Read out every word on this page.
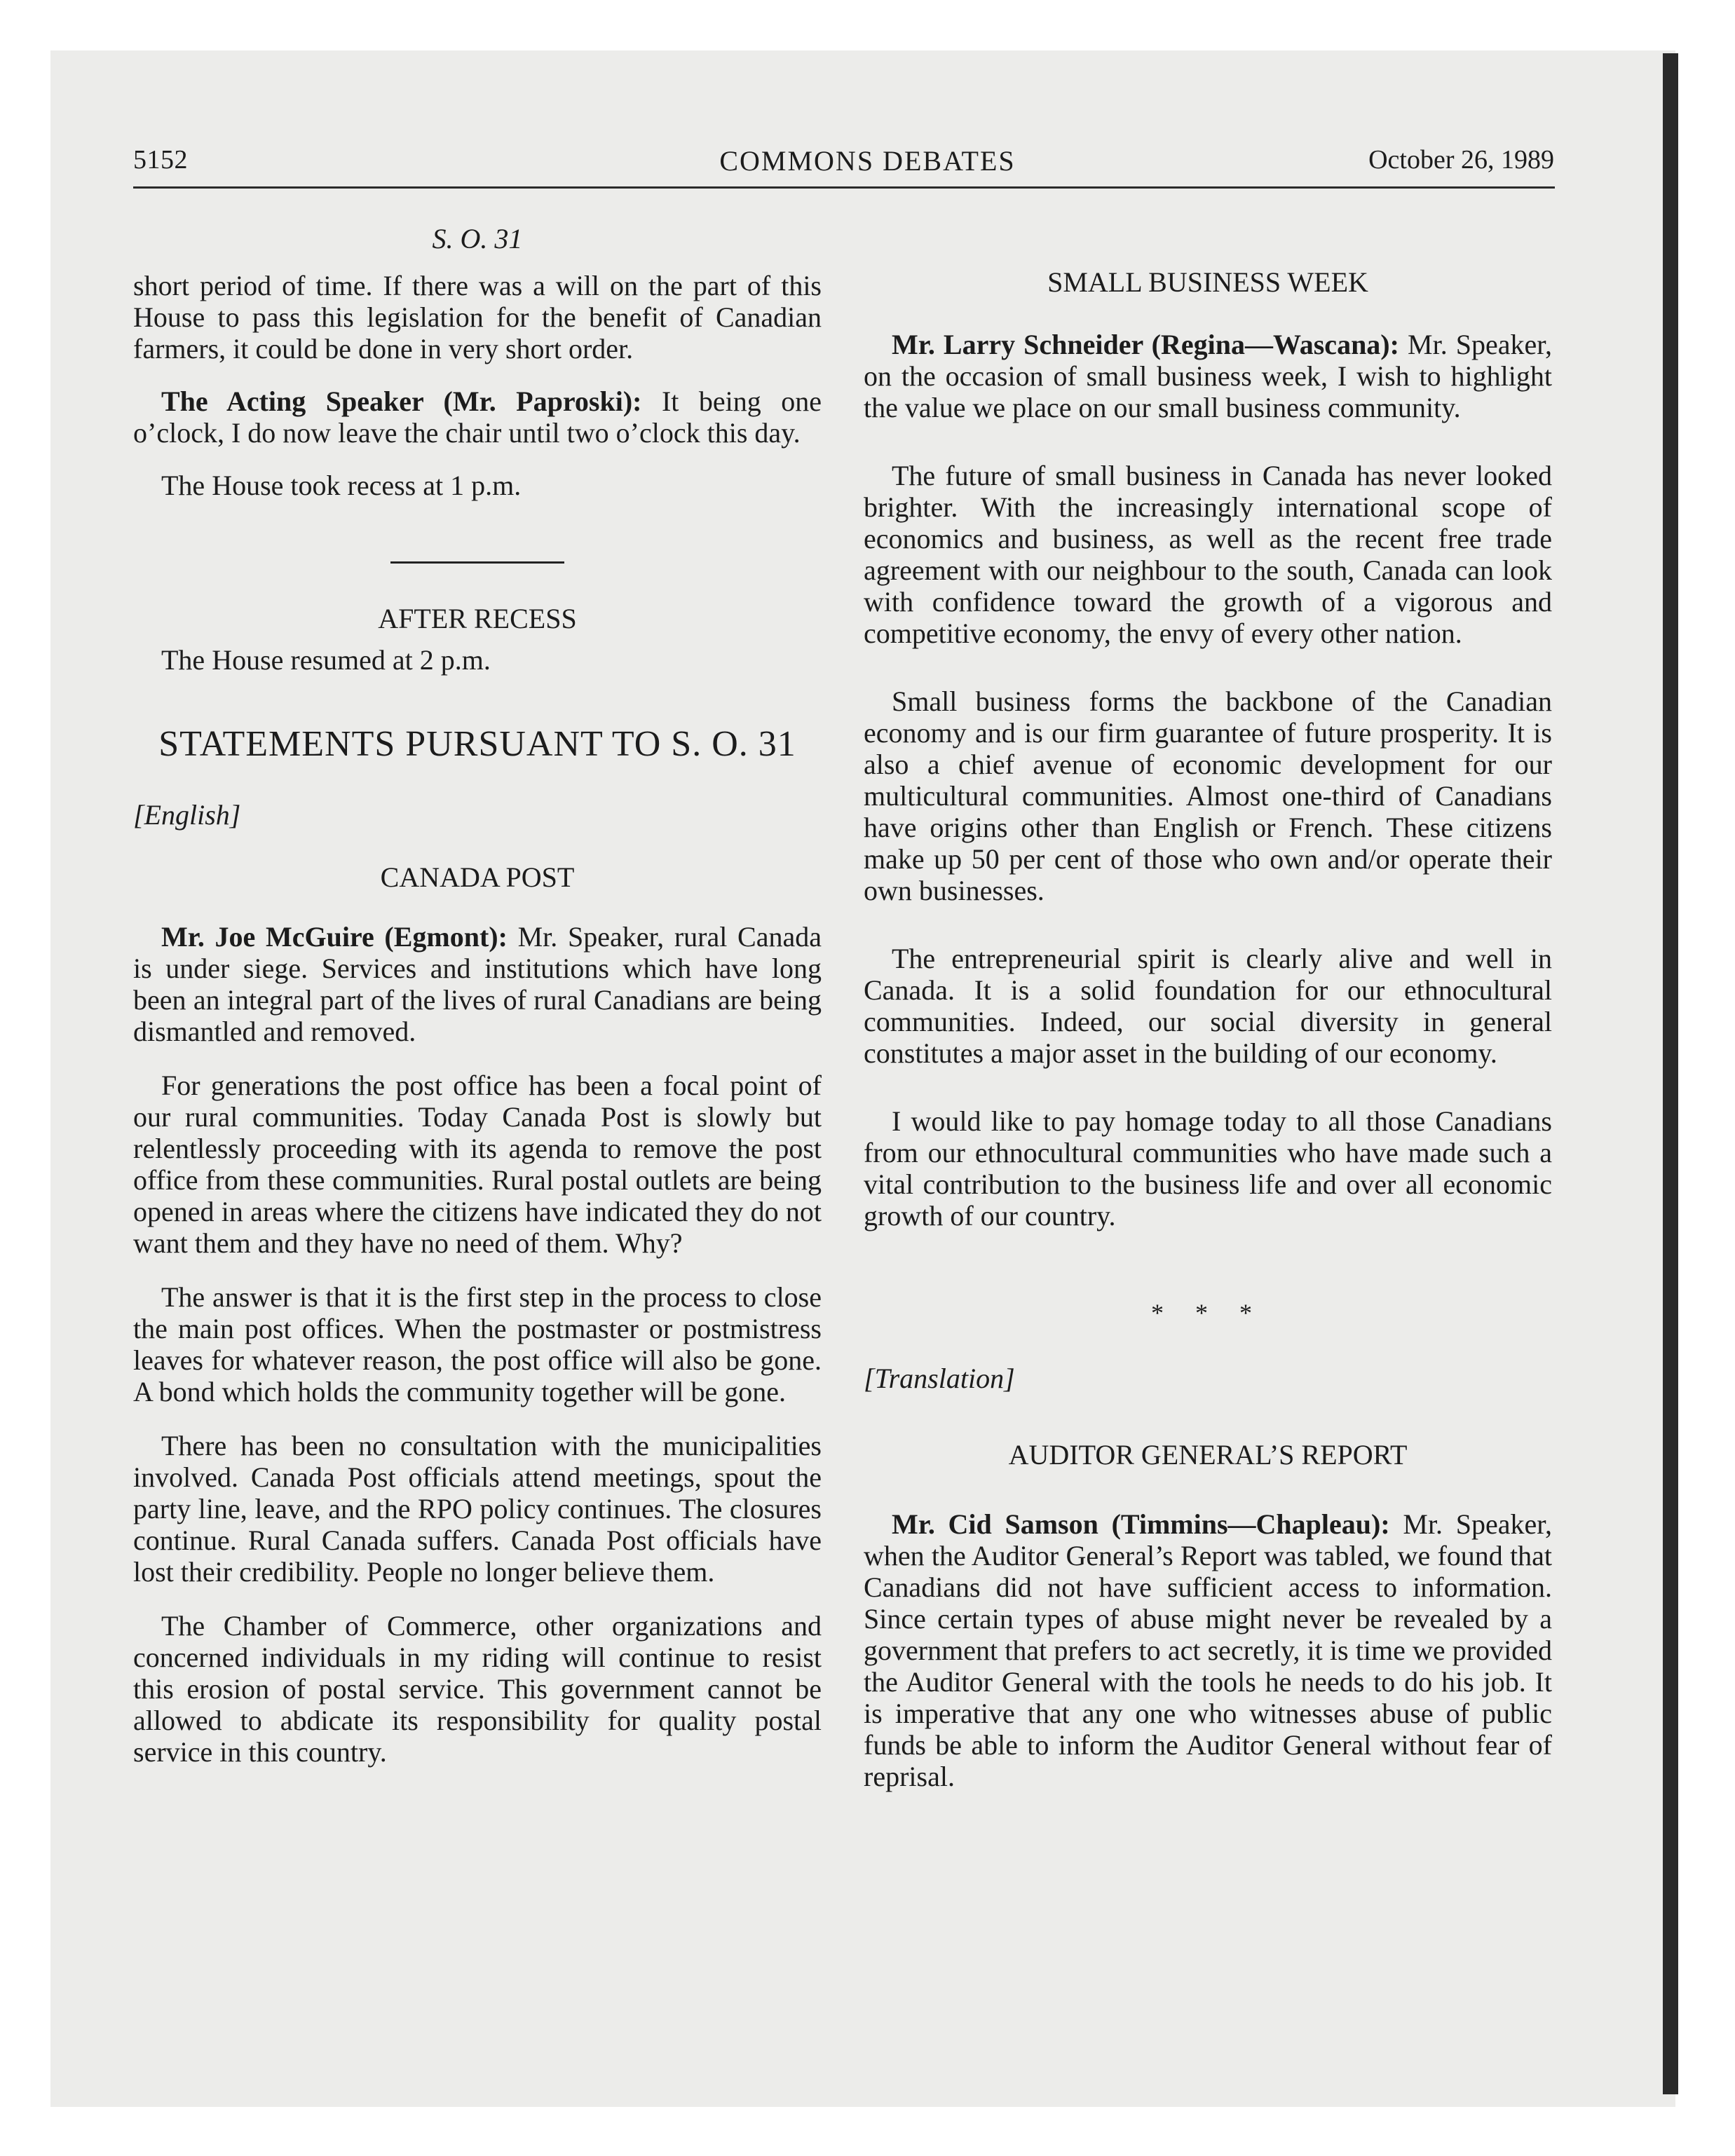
5152	COMMONS DEBATES	October 26, 1989
S. O. 31

short period of time. If there was a will on the part of this House to pass this legislation for the benefit of Canadian farmers, it could be done in very short order.

The Acting Speaker (Mr. Paproski): It being one o’clock, I do now leave the chair until two o’clock this day.

The House took recess at 1 p.m.

AFTER RECESS

The House resumed at 2 p.m.

STATEMENTS PURSUANT TO S. O. 31
[English]
CANADA POST

Mr. Joe McGuire (Egmont): Mr. Speaker, rural Canada is under siege. Services and institutions which have long been an integral part of the lives of rural Canadians are being dismantled and removed.

For generations the post office has been a focal point of our rural communities. Today Canada Post is slowly but relentlessly proceeding with its agenda to remove the post office from these communities. Rural postal outlets are being opened in areas where the citizens have indicated they do not want them and they have no need of them. Why?

The answer is that it is the first step in the process to close the main post offices. When the postmaster or postmistress leaves for whatever reason, the post office will also be gone. A bond which holds the community together will be gone.

There has been no consultation with the municipalities involved. Canada Post officials attend meetings, spout the party line, leave, and the RPO policy continues. The closures continue. Rural Canada suffers. Canada Post officials have lost their credibility. People no longer believe them.

The Chamber of Commerce, other organizations and concerned individuals in my riding will continue to resist this erosion of postal service. This government cannot be allowed to abdicate its responsibility for quality postal service in this country.

SMALL BUSINESS WEEK

Mr. Larry Schneider (Regina—Wascana): Mr. Speaker, on the occasion of small business week, I wish to highlight the value we place on our small business community.

The future of small business in Canada has never looked brighter. With the increasingly international scope of economics and business, as well as the recent free trade agreement with our neighbour to the south, Canada can look with confidence toward the growth of a vigorous and competitive economy, the envy of every other nation.

Small business forms the backbone of the Canadian economy and is our firm guarantee of future prosperity. It is also a chief avenue of economic development for our multicultural communities. Almost one-third of Canadians have origins other than English or French. These citizens make up 50 per cent of those who own and/or operate their own businesses.

The entrepreneurial spirit is clearly alive and well in Canada. It is a solid foundation for our ethnocultural communities. Indeed, our social diversity in general constitutes a major asset in the building of our economy.

I would like to pay homage today to all those Canadians from our ethnocultural communities who have made such a vital contribution to the business life and over all economic growth of our country.

* * *
[Translation]
AUDITOR GENERAL’S REPORT

Mr. Cid Samson (Timmins—Chapleau): Mr. Speaker, when the Auditor General’s Report was tabled, we found that Canadians did not have sufficient access to information. Since certain types of abuse might never be revealed by a government that prefers to act secretly, it is time we provided the Auditor General with the tools he needs to do his job. It is imperative that any one who witnesses abuse of public funds be able to inform the Auditor General without fear of reprisal.
